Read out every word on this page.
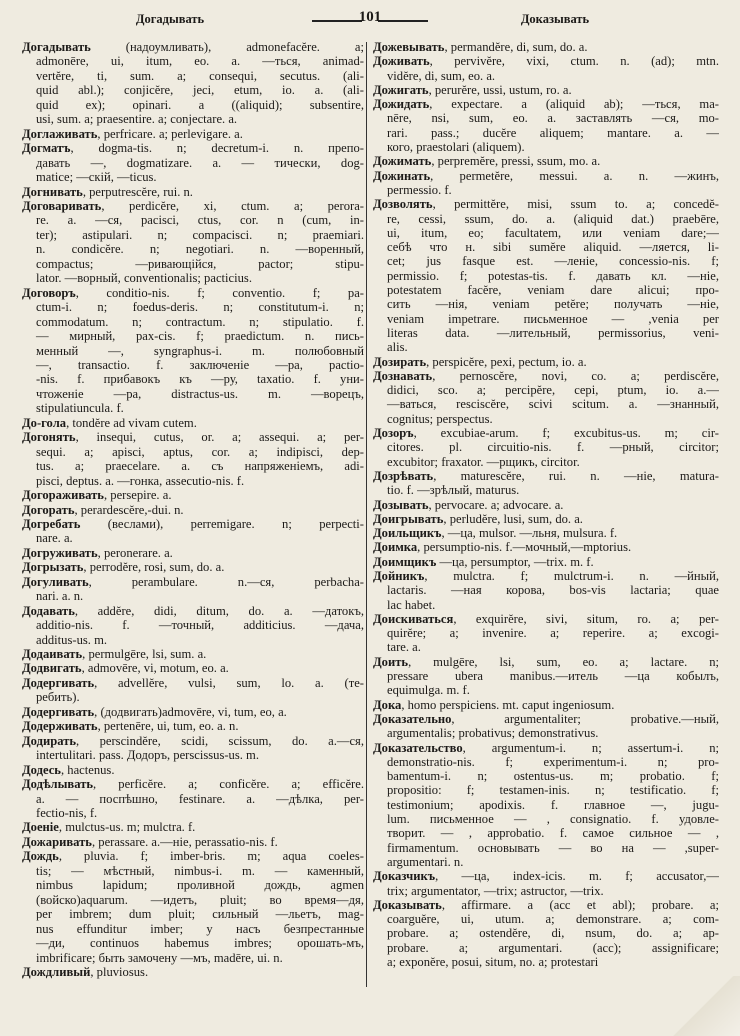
Догадывать	101	Доказывать
Догадывать (надоумливать), admonefacĕre. a;
admonēre, ui, itum, eo. a. —ться, animad-
vertĕre, ti, sum. a; consequi, secutus. (ali-
quid abl.); conjicĕre, jeci, etum, io. a. (ali-
quid ex); opinari. a ((aliquid); subsentire,
usi, sum. a; praesentire. a; conjectare. a.
Доглаживать, perfricare. a; perlevigare. a.
Догматъ, dogma-tis. n; decretum-i. n. препо-
давать —, dogmatizare. a. — тически, dog-
matice; —скій, —ticus.
Догнивать, perputrescĕre, rui. n.
Договаривать, perdicĕre, xi, ctum. a; perora-
re. a. —ся, pacisci, ctus, cor. n (cum, in-
ter); astipulari. n; compacisci. n; praemiari.
n. condicĕre. n; negotiari. n. —воренный,
compactus; —ривающійся, pactor; stipu-
lator. —ворный, conventionalis; pacticius.
Договоръ, conditio-nis. f; conventio. f; pa-
ctum-i. n; foedus-deris. n; constitutum-i. n;
commodatum. n; contractum. n; stipulatio. f.
— мирный, pax-cis. f; praedictum. n. пись-
менный —, syngraphus-i. m. полюбовный
—, transactio. f. заключеніе —ра, pactio-
-nis. f. прибавокъ къ —ру, taxatio. f. уни-
чтоженіе —ра, distractus-us. m. —ворецъ,
stipulatiuncula. f.
До-гола, tondĕre ad vivam cutem.
Догонять, insequi, cutus, or. a; assequi. a; per-
sequi. a; apisci, aptus, cor. a; indipisci, dep-
tus. a; praecelare. a. съ напряженіемъ, adi-
pisci, deptus. a. —гонка, assecutio-nis. f.
Догораживать, persepire. a.
Догорать, perardescĕre,-dui. n.
Догребать (веслами), perremigare. n; perpecti-
nare. a.
Догруживать, peronerare. a.
Догрызать, perrodĕre, rosi, sum, do. a.
Догуливать, perambulare. n.—ся, perbacha-
nari. a. n.
Додавать, addĕre, didi, ditum, do. a. —датокъ,
additio-nis. f. —точный, additicius. —дача,
additus-us. m.
Додаивать, permulgēre, lsi, sum. a.
Додвигать, admovēre, vi, motum, eo. a.
Додергивать, advellĕre, vulsi, sum, lo. a. (те-
ребить).
Додергивать, (додвигать)admovēre, vi, tum, eo, a.
Додерживать, pertenēre, ui, tum, eo. a. n.
Додирать, perscindĕre, scidi, scissum, do. a.—ся,
intertulitari. pass. Додоръ, perscissus-us. m.
Додесь, hactenus.
Додѣлывать, perficĕre. a; conficĕre. a; efficĕre.
a. — поспѣшно, festinare. a. —дѣлка, per-
fectio-nis, f.
Доеніе, mulctus-us. m; mulctra. f.
Дожаривать, perassare. a.—ніе, perassatio-nis. f.
Дождь, pluvia. f; imber-bris. m; aqua coeles-
tis; — мѣстный, nimbus-i. m. — каменный,
nimbus lapidum; проливной дождь, agmen
(войско)aquarum. —идетъ, pluit; во время—дя,
per imbrem; dum pluit; сильный —льетъ, mag-
nus effunditur imber; у насъ безпрестанные
—ди, continuos habemus imbres; орошать-мъ,
imbrificare; быть замочену —мъ, madēre, ui. n.
Дождливый, pluviosus.
Дожевывать, permandĕre, di, sum, do. a.
Доживать, pervivĕre, vixi, ctum. n. (ad); mtn.
vidĕre, di, sum, eo. a.
Дожигать, perurĕre, ussi, ustum, ro. a.
Дожидать, expectare. a (aliquid ab); —ться, ma-
nēre, nsi, sum, eo. a. заставлять —ся, mo-
rari. pass.; ducĕre aliquem; mantare. a. —
кого, praestolari (aliquem).
Дожимать, perpremĕre, pressi, ssum, mo. a.
Дожинать, permetĕre, messui. a. n. —жинъ,
permessio. f.
Дозволять, permittĕre, misi, ssum to. a; concedĕ-
re, cessi, ssum, do. a. (aliquid dat.) praebēre,
ui, itum, eo; facultatem, или veniam dare;—
себѣ что н. sibi sumĕre aliquid. —ляется, li-
cet; jus fasque est. —леніе, concessio-nis. f;
permissio. f; potestas-tis. f. давать кл. —ніе,
potestatem facĕre, veniam dare alicui; про-
сить —нія, veniam petĕre; получать —ніе,
veniam impetrare. письменное — ,venia per
literas data. —лительный, permissorius, veni-
alis.
Дозирать, perspicĕre, pexi, pectum, io. a.
Дознавать, pernoscĕre, novi, co. a; perdiscĕre,
didici, sco. a; percipĕre, cepi, ptum, io. a.—
—ваться, resciscĕre, scivi scitum. a. —знанный,
cognitus; perspectus.
Дозоръ, excubiae-arum. f; excubitus-us. m; cir-
citores. pl. circuitio-nis. f. —рный, circitor;
excubitor; fraxator. —рщикъ, circitor.
Дозрѣвать, maturescĕre, rui. n. —ніе, matura-
tio. f. —зрѣлый, maturus.
Дозывать, pervocare. a; advocare. a.
Доигрывать, perludĕre, lusi, sum, do. a.
Доильщикъ, —ца, mulsor. —льня, mulsura. f.
Доимка, persumptio-nis. f.—мочный,—mptorius.
Доимщикъ —ца, persumptor, —trix. m. f.
Дойникъ, mulctra. f; mulctrum-i. n. —йный,
lactaris. —ная корова, bos-vis lactaria; quae
lac habet.
Доискиваться, exquirĕre, sivi, situm, ro. a; per-
quirĕre; a; invenire. a; reperire. a; excogi-
tare. a.
Доить, mulgēre, lsi, sum, eo. a; lactare. n;
pressare ubera manibus.—итель —ца кобылъ,
equimulga. m. f.
Дока, homo perspiciens. mt. caput ingeniosum.
Доказательно, argumentaliter; probative.—ный,
argumentalis; probativus; demonstrativus.
Доказательство, argumentum-i. n; assertum-i. n;
demonstratio-nis. f; experimentum-i. n; pro-
bamentum-i. n; ostentus-us. m; probatio. f;
propositio: f; testamen-inis. n; testificatio. f;
testimonium; apodixis. f. главное —, jugu-
lum. письменное — , consignatio. f. удовле-
творит. — , approbatio. f. самое сильное — ,
firmamentum. основывать — во на — ,super-
argumentari. n.
Доказчикъ, —ца, index-icis. m. f; accusator,—
trix; argumentator, —trix; astructor, —trix.
Доказывать, affirmare. a (acc et abl); probare. a;
coarguĕre, ui, utum. a; demonstrare. a; com-
probare. a; ostendĕre, di, nsum, do. a; ap-
probare. a; argumentari. (acc); assignificare;
a; exponĕre, posui, situm, no. a; protestari
